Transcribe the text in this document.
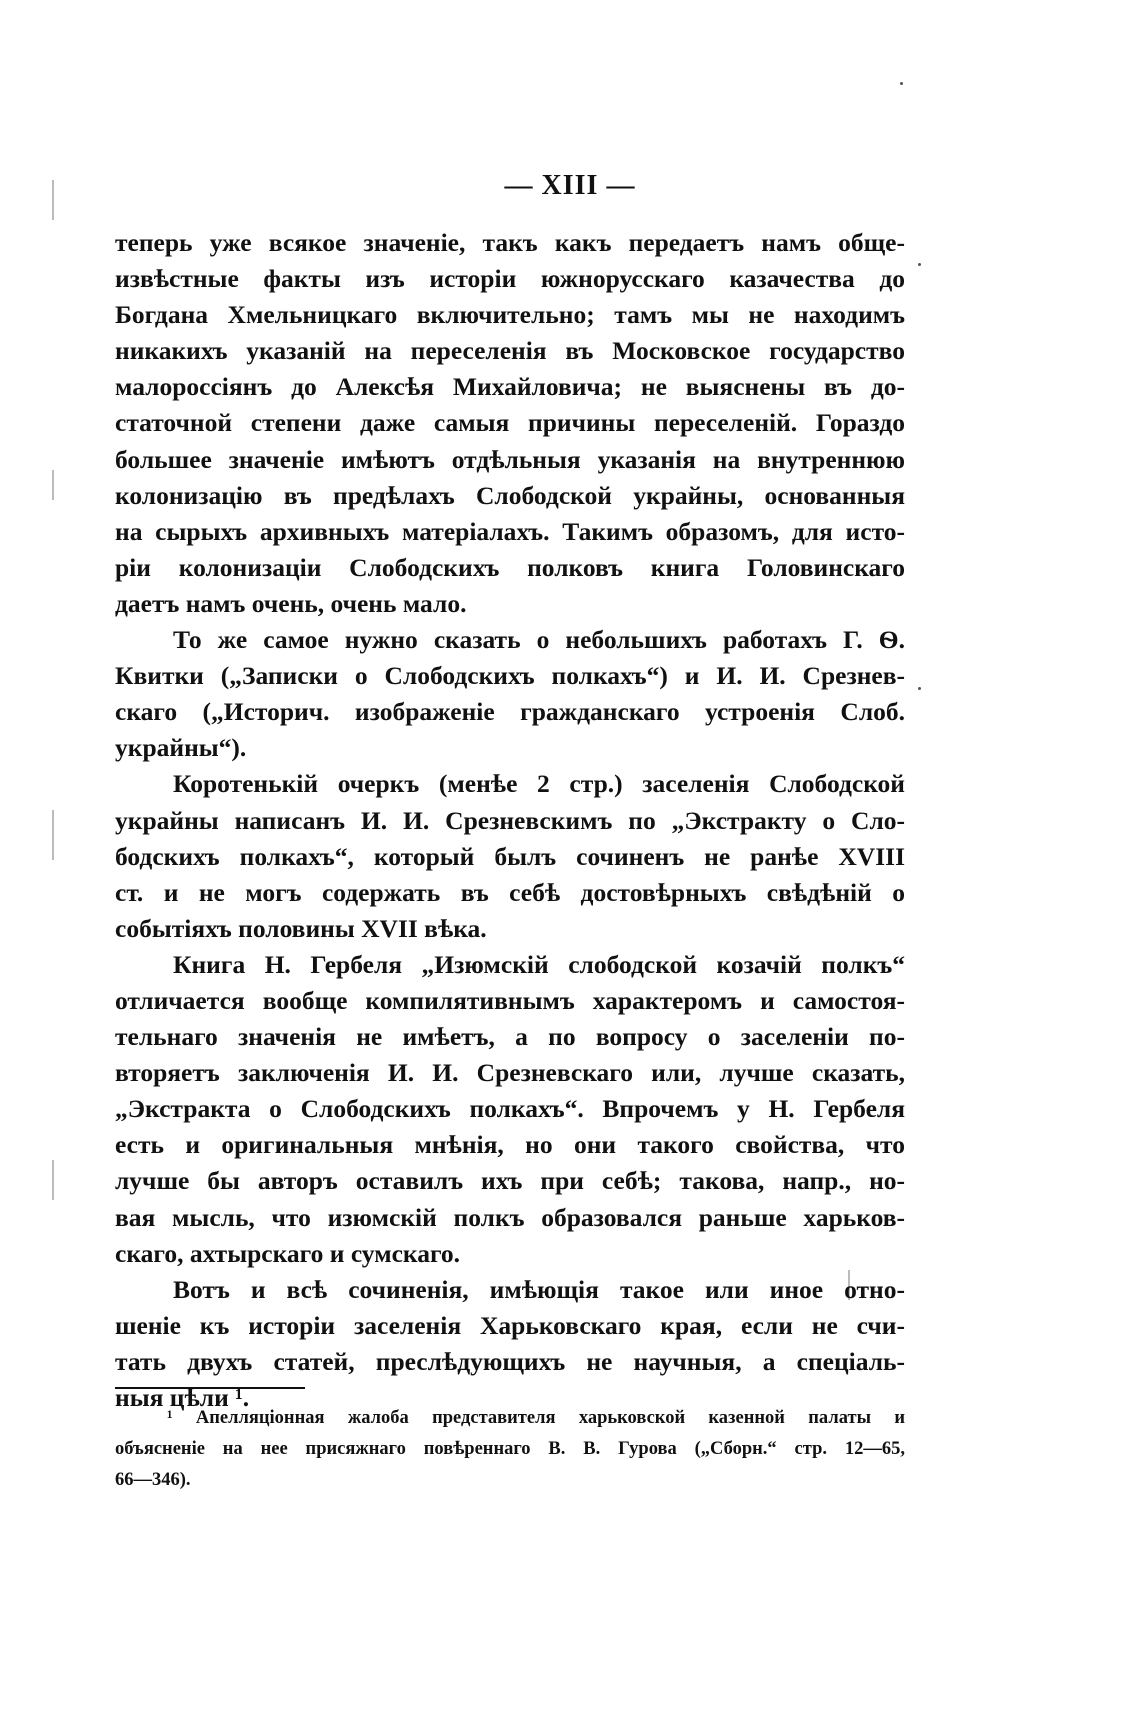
— XIII —
теперь уже всякое значенiе, такъ какъ передаетъ намъ обще-
извѣстные факты изъ исторiи южнорусскаго казачества до
Богдана Хмельницкаго включительно; тамъ мы не находимъ
никакихъ указанiй на переселенiя въ Московское государство
малороссiянъ до Алексѣя Михайловича; не выяснены въ до-
статочной степени даже самыя причины переселенiй. Гораздо
большее значенiе имѣютъ отдѣльныя указанiя на внутреннюю
колонизацiю въ предѣлахъ Слободской украйны, основанныя
на сырыхъ архивныхъ матерiалахъ. Такимъ образомъ, для исто-
рiи колонизацiи Слободскихъ полковъ книга Головинскаго
даетъ намъ очень, очень мало.
То же самое нужно сказать о небольшихъ работахъ Г. Ѳ.
Квитки („Записки о Слободскихъ полкахъ“) и И. И. Срезнев-
скаго („Историч. изображенiе гражданскаго устроенiя Слоб.
украйны“).
Коротенькiй очеркъ (менѣе 2 стр.) заселенiя Слободской
украйны написанъ И. И. Срезневскимъ по „Экстракту о Сло-
бодскихъ полкахъ“, который былъ сочиненъ не ранѣе XVIII
ст. и не могъ содержать въ себѣ достовѣрныхъ свѣдѣнiй о
событiяхъ половины XVII вѣка.
Книга Н. Гербеля „Изюмскiй слободской козачiй полкъ“
отличается вообще компилятивнымъ характеромъ и самостоя-
тельнаго значенiя не имѣетъ, а по вопросу о заселенiи по-
вторяетъ заключенiя И. И. Срезневскаго или, лучше сказать,
„Экстракта о Слободскихъ полкахъ“. Впрочемъ у Н. Гербеля
есть и оригинальныя мнѣнiя, но они такого свойства, что
лучше бы авторъ оставилъ ихъ при себѣ; такова, напр., но-
вая мысль, что изюмскiй полкъ образовался раньше харьков-
скаго, ахтырскаго и сумскаго.
Вотъ и всѣ сочиненiя, имѣющiя такое или иное отно-
шенiе къ исторiи заселенiя Харьковскаго края, если не счи-
тать двухъ статей, преслѣдующихъ не научныя, а спецiаль-
ныя цѣли ¹.
¹ Апелляцiонная жалоба представителя харьковской казенной палаты и
объясненiе на нее присяжнаго повѣреннаго В. В. Гурова („Сборн.“ стр. 12—65,
66—346).
